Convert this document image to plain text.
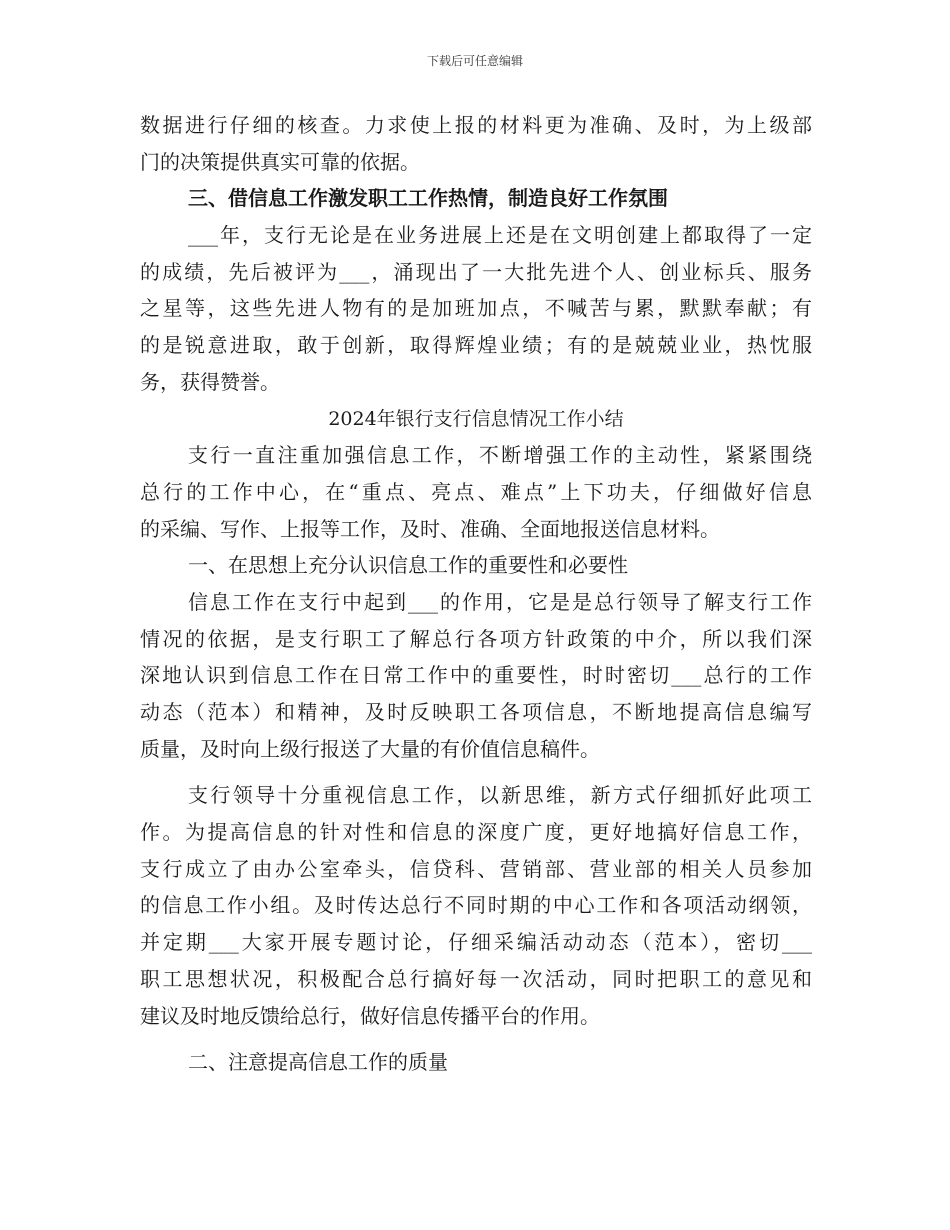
下载后可任意编辑
数据进行仔细的核查。力求使上报的材料更为准确、及时，为上级部
门的决策提供真实可靠的依据。
三、借信息工作激发职工工作热情，制造良好工作氛围
___年，支行无论是在业务进展上还是在文明创建上都取得了一定
的成绩，先后被评为___，涌现出了一大批先进个人、创业标兵、服务
之星等，这些先进人物有的是加班加点，不喊苦与累，默默奉献；有
的是锐意进取，敢于创新，取得辉煌业绩；有的是兢兢业业，热忱服
务，获得赞誉。
2024年银行支行信息情况工作小结
支行一直注重加强信息工作，不断增强工作的主动性，紧紧围绕
总行的工作中心，在“重点、亮点、难点”上下功夫，仔细做好信息
的采编、写作、上报等工作，及时、准确、全面地报送信息材料。
一、在思想上充分认识信息工作的重要性和必要性
信息工作在支行中起到___的作用，它是是总行领导了解支行工作
情况的依据，是支行职工了解总行各项方针政策的中介，所以我们深
深地认识到信息工作在日常工作中的重要性，时时密切___总行的工作
动态（范本）和精神，及时反映职工各项信息，不断地提高信息编写
质量，及时向上级行报送了大量的有价值信息稿件。
支行领导十分重视信息工作，以新思维，新方式仔细抓好此项工
作。为提高信息的针对性和信息的深度广度，更好地搞好信息工作，
支行成立了由办公室牵头，信贷科、营销部、营业部的相关人员参加
的信息工作小组。及时传达总行不同时期的中心工作和各项活动纲领，
并定期___大家开展专题讨论，仔细采编活动动态（范本），密切___
职工思想状况，积极配合总行搞好每一次活动，同时把职工的意见和
建议及时地反馈给总行，做好信息传播平台的作用。
二、注意提高信息工作的质量
